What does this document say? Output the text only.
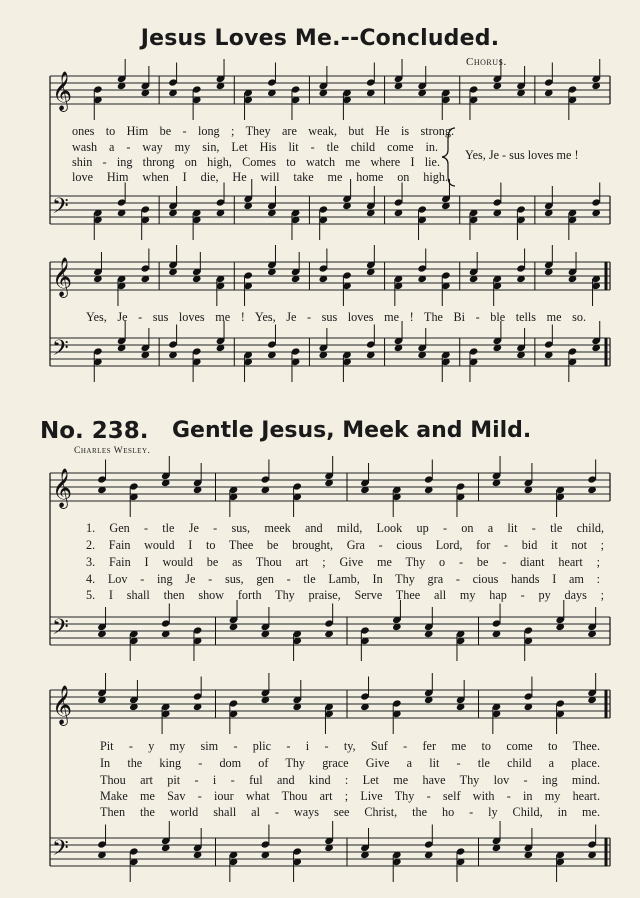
Jesus Loves Me.--Concluded.
Chorus.
No. 238. Gentle Jesus, Meek and Mild.
Charles Wesley.
𝄞
𝄢
𝄞
𝄢
𝄞
𝄢
𝄞
𝄢
ones to Him be - long ; They are weak, but He is strong.
wash a - way my sin, Let His lit - tle child come in.
shin - ing throng on high, Comes to watch me where I lie.
love Him when I die, He will take me home on high.
Yes, Je - sus loves me !
Yes, Je - sus loves me ! Yes, Je - sus loves me ! The Bi - ble tells me so.
1. Gen - tle Je - sus, meek and mild, Look up - on a lit - tle child,
2. Fain would I to Thee be brought, Gra - cious Lord, for - bid it not ;
3. Fain I would be as Thou art ; Give me Thy o - be - diant heart ;
4. Lov - ing Je - sus, gen - tle Lamb, In Thy gra - cious hands I am :
5. I shall then show forth Thy praise, Serve Thee all my hap - py days ;
Pit - y my sim - plic - i - ty, Suf - fer me to come to Thee.
In the king - dom of Thy grace Give a lit - tle child a place.
Thou art pit - i - ful and kind : Let me have Thy lov - ing mind.
Make me Sav - iour what Thou art ; Live Thy - self with - in my heart.
Then the world shall al - ways see Christ, the ho - ly Child, in me.
